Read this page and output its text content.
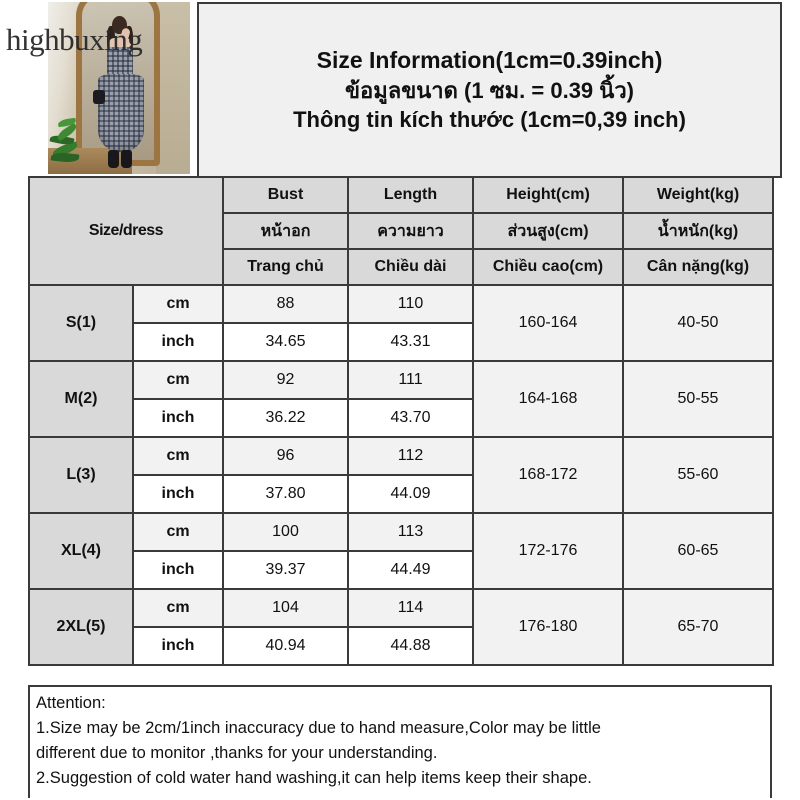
highbuxing
Size Information(1cm=0.39inch)
ข้อมูลขนาด (1 ซม. = 0.39 นิ้ว)
Thông tin kích thước (1cm=0,39 inch)
Size/dress		Bust	Length	Height(cm)	Weight(kg)
		หน้าอก	ความยาว	ส่วนสูง(cm)	น้ำหนัก(kg)
		Trang chủ	Chiều dài	Chiều cao(cm)	Cân nặng(kg)
S(1)	cm	88	110	160-164	40-50
	inch	34.65	43.31		
M(2)	cm	92	111	164-168	50-55
	inch	36.22	43.70		
L(3)	cm	96	112	168-172	55-60
	inch	37.80	44.09		
XL(4)	cm	100	113	172-176	60-65
	inch	39.37	44.49		
2XL(5)	cm	104	114	176-180	65-70
	inch	40.94	44.88		
Attention:
1.Size may be 2cm/1inch inaccuracy due to hand measure,Color may be little
different due to monitor ,thanks for your understanding.
2.Suggestion of cold water hand washing,it can help items keep their shape.
